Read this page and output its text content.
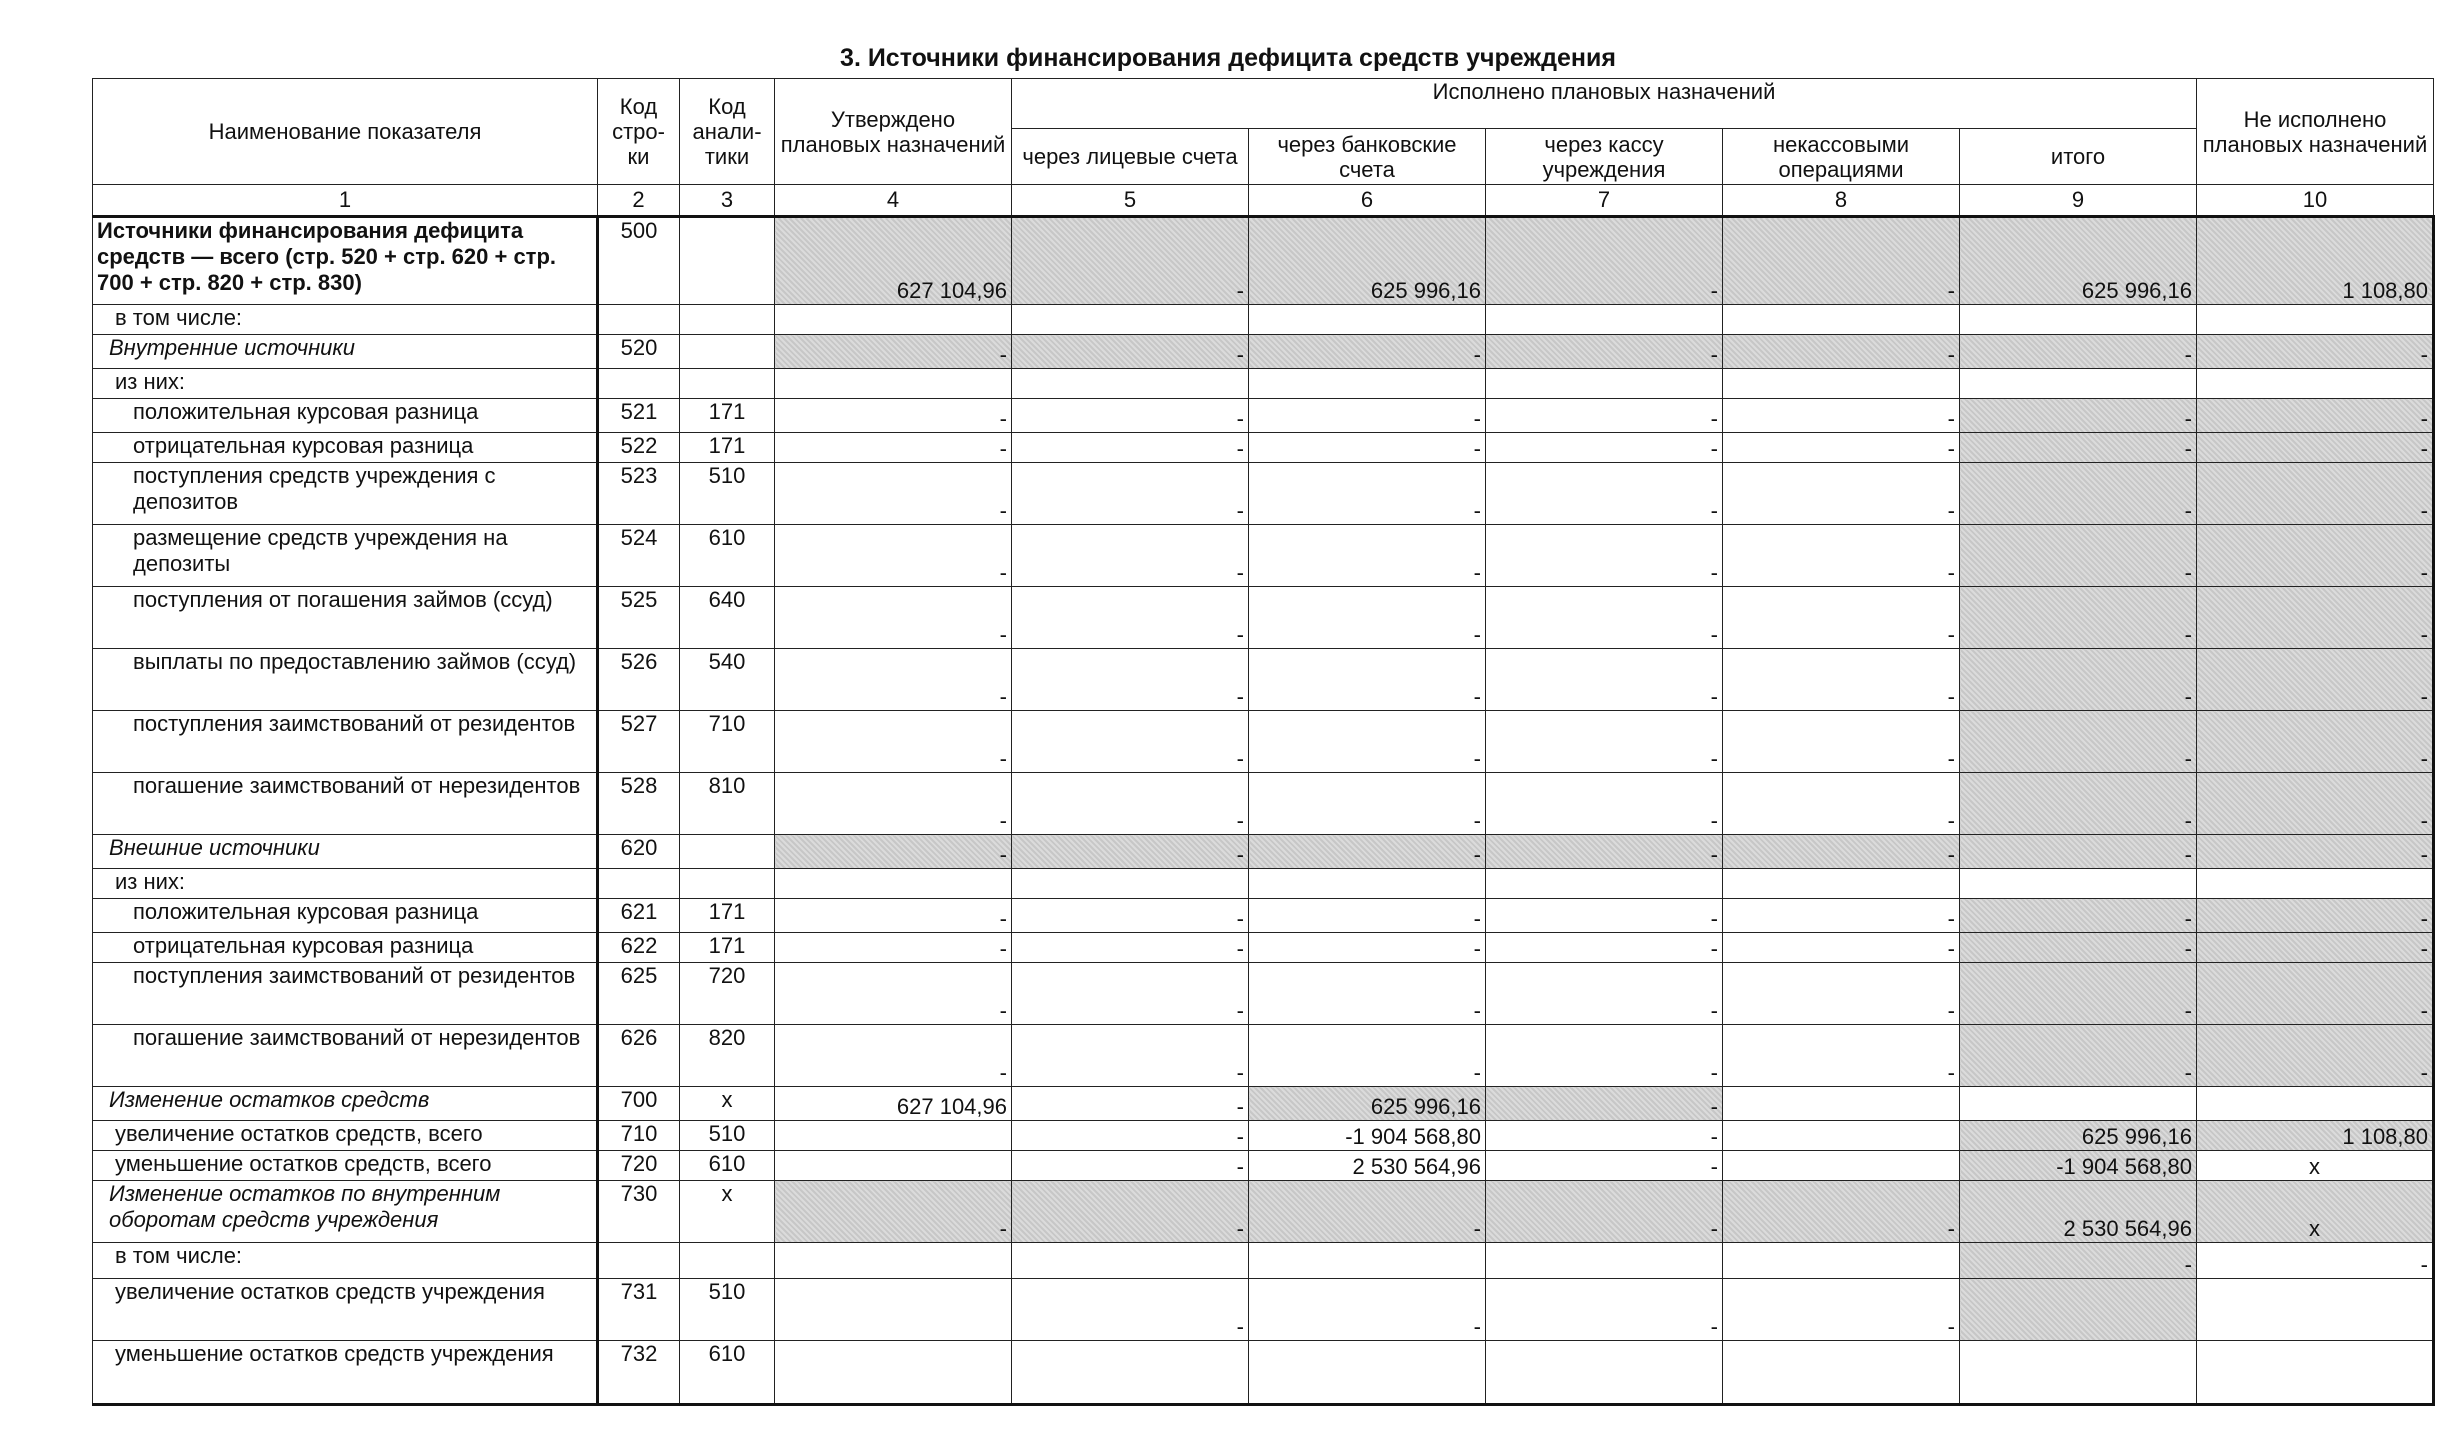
3. Источники финансирования дефицита средств учреждения
Наименование показателя	Код стро-ки	Код анали-тики	Утверждено плановых назначений	Исполнено плановых назначений					Не исполнено плановых назначений
				через лицевые счета	через банковские счета	через кассу учреждения	некассовыми операциями	итого	
1	2	3	4	5	6	7	8	9	10
Источники финансирования дефицита средств — всего (стр. 520 + стр. 620 + стр. 700 + стр. 820 + стр. 830)	500		627 104,96	-	625 996,16	-	-	625 996,16	1 108,80
в том числе:									
Внутренние источники	520		-	-	-	-	-	-	-
из них:									
положительная курсовая разница	521	171	-	-	-	-	-	-	-
отрицательная курсовая разница	522	171	-	-	-	-	-	-	-
поступления средств учреждения с депозитов	523	510	-	-	-	-	-	-	-
размещение средств учреждения на депозиты	524	610	-	-	-	-	-	-	-
поступления от погашения займов (ссуд)	525	640	-	-	-	-	-	-	-
выплаты по предоставлению займов (ссуд)	526	540	-	-	-	-	-	-	-
поступления заимствований от резидентов	527	710	-	-	-	-	-	-	-
погашение заимствований от нерезидентов	528	810	-	-	-	-	-	-	-
Внешние источники	620		-	-	-	-	-	-	-
из них:									
положительная курсовая разница	621	171	-	-	-	-	-	-	-
отрицательная курсовая разница	622	171	-	-	-	-	-	-	-
поступления заимствований от резидентов	625	720	-	-	-	-	-	-	-
погашение заимствований от нерезидентов	626	820	-	-	-	-	-	-	-
Изменение остатков средств	700	x	627 104,96	-	625 996,16	-			
увеличение остатков средств, всего	710	510		-	-1 904 568,80	-		625 996,16	1 108,80
уменьшение остатков средств, всего	720	610		-	2 530 564,96	-		-1 904 568,80	x
Изменение остатков по внутренним оборотам средств учреждения	730	x	-	-	-	-	-	2 530 564,96	x
в том числе:								-	-
увеличение остатков средств учреждения	731	510		-	-	-	-		
уменьшение остатков средств учреждения	732	610							
